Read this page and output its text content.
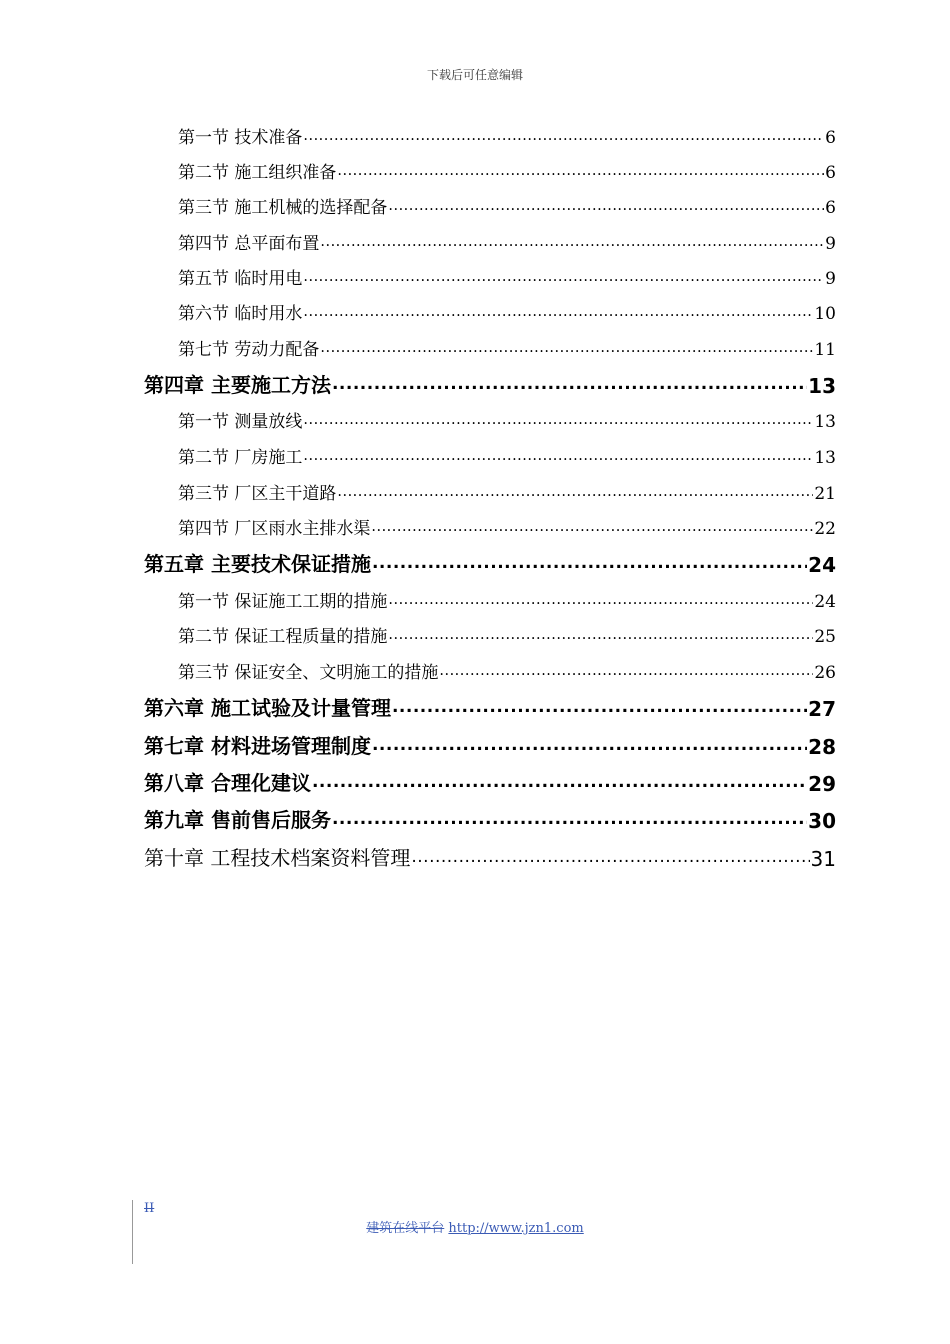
下载后可任意编辑
第一节 技术准备 .....	6
第二节 施工组织准备 .....	6
第三节 施工机械的选择配备 .....	6
第四节 总平面布置 .....	9
第五节 临时用电 .....	9
第六节 临时用水 .....	10
第七节 劳动力配备 .....	11
第四章 主要施工方法 .....	13
第一节 测量放线 .....	13
第二节 厂房施工 .....	13
第三节 厂区主干道路 .....	21
第四节 厂区雨水主排水渠 .....	22
第五章 主要技术保证措施 .....	24
第一节 保证施工工期的措施 .....	24
第二节 保证工程质量的措施 .....	25
第三节 保证安全、文明施工的措施 .....	26
第六章 施工试验及计量管理 .....	27
第七章 材料进场管理制度 .....	28
第八章 合理化建议 .....	29
第九章 售前售后服务 .....	30
第十章 工程技术档案资料管理 .....	31
II
建筑在线平台 http://www.jzn1.com
